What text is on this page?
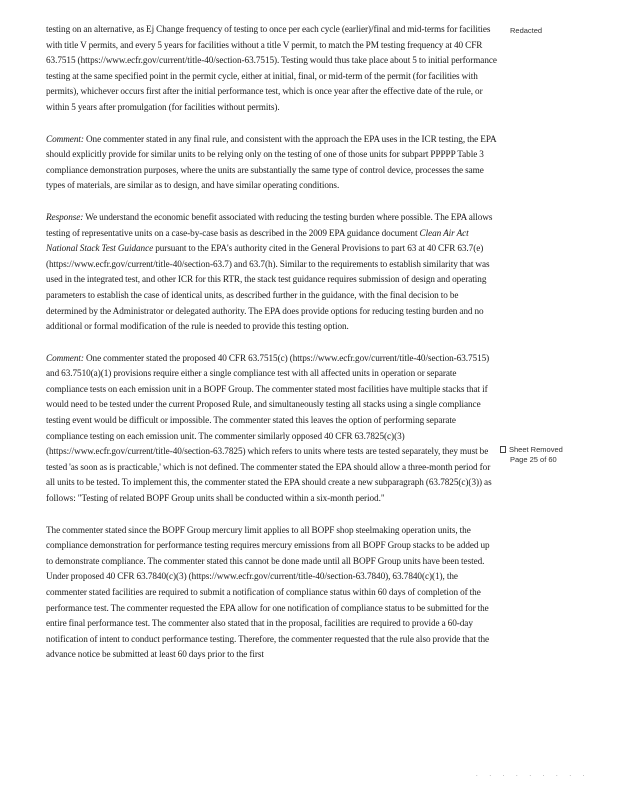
Redacted
Sheet Removed
Page 25 of 60

testing on an alternative, as Ej Change frequency of testing to once per each cycle (earlier)/final and mid-terms for facilities with title V permits, and every 5 years for facilities without a title V permit, to match the PM testing frequency at 40 CFR 63.7515 (https://www.ecfr.gov/current/title-40/section-63.7515). Testing would thus take place about 5 to initial performance testing at the same specified point in the permit cycle, either at initial, final, or mid-term of the permit (for facilities with permits), whichever occurs first after the initial performance test, which is once year after the effective date of the rule, or within 5 years after promulgation (for facilities without permits).

Comment: One commenter stated in any final rule, and consistent with the approach the EPA uses in the ICR testing, the EPA should explicitly provide for similar units to be relying only on the testing of one of those units for subpart PPPPP Table 3 compliance demonstration purposes, where the units are substantially the same type of control device, processes the same types of materials, are similar as to design, and have similar operating conditions.

Response: We understand the economic benefit associated with reducing the testing burden where possible. The EPA allows testing of representative units on a case-by-case basis as described in the 2009 EPA guidance document Clean Air Act National Stack Test Guidance pursuant to the EPA's authority cited in the General Provisions to part 63 at 40 CFR 63.7(e) (https://www.ecfr.gov/current/title-40/section-63.7) and 63.7(h). Similar to the requirements to establish similarity that was used in the integrated test, and other ICR for this RTR, the stack test guidance requires submission of design and operating parameters to establish the case of identical units, as described further in the guidance, with the final decision to be determined by the Administrator or delegated authority. The EPA does provide options for reducing testing burden and no additional or formal modification of the rule is needed to provide this testing option.

Comment: One commenter stated the proposed 40 CFR 63.7515(c) (https://www.ecfr.gov/current/title-40/section-63.7515) and 63.7510(a)(1) provisions require either a single compliance test with all affected units in operation or separate compliance tests on each emission unit in a BOPF Group. The commenter stated most facilities have multiple stacks that if would need to be tested under the current Proposed Rule, and simultaneously testing all stacks using a single compliance testing event would be difficult or impossible. The commenter stated this leaves the option of performing separate compliance testing on each emission unit. The commenter similarly opposed 40 CFR 63.7825(c)(3) (https://www.ecfr.gov/current/title-40/section-63.7825) which refers to units where tests are tested separately, they must be tested 'as soon as is practicable,' which is not defined. The commenter stated the EPA should allow a three-month period for all units to be tested. To implement this, the commenter stated the EPA should create a new subparagraph (63.7825(c)(3)) as follows: "Testing of related BOPF Group units shall be conducted within a six-month period."

The commenter stated since the BOPF Group mercury limit applies to all BOPF shop steelmaking operation units, the compliance demonstration for performance testing requires mercury emissions from all BOPF Group stacks to be added up to demonstrate compliance. The commenter stated this cannot be done made until all BOPF Group units have been tested. Under proposed 40 CFR 63.7840(c)(3) (https://www.ecfr.gov/current/title-40/section-63.7840), 63.7840(c)(1), the commenter stated facilities are required to submit a notification of compliance status within 60 days of completion of the performance test. The commenter requested the EPA allow for one notification of compliance status to be submitted for the entire final performance test. The commenter also stated that in the proposal, facilities are required to provide a 60-day notification of intent to conduct performance testing. Therefore, the commenter requested that the rule also provide that the advance notice be submitted at least 60 days prior to the first

. . . . . . . . .
